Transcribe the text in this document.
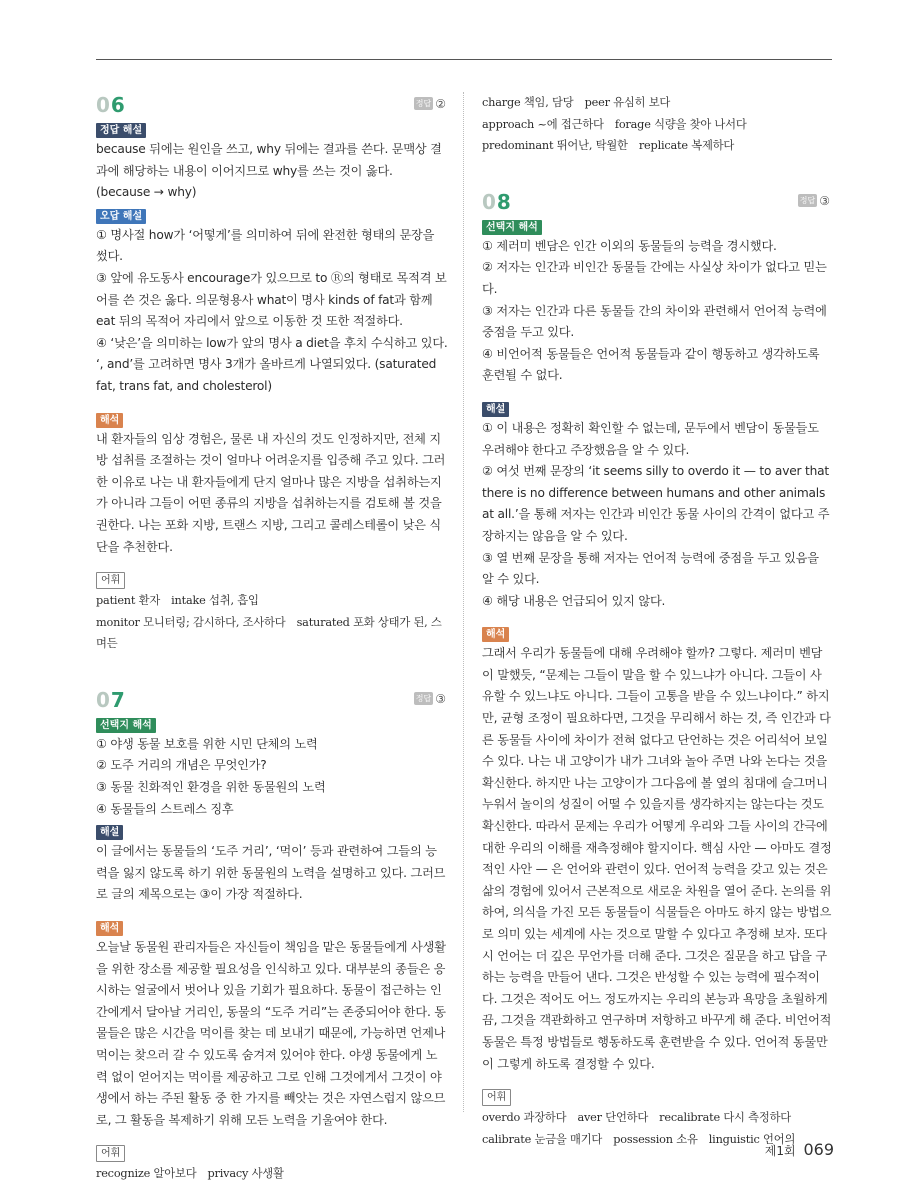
06	정답 ②
정답 해설

because 뒤에는 원인을 쓰고, why 뒤에는 결과를 쓴다. 문맥상 결과에 해당하는 내용이 이어지므로 why를 쓰는 것이 옳다. (because → why)

오답 해설

① 명사절 how가 ‘어떻게’를 의미하여 뒤에 완전한 형태의 문장을 썼다.

③ 앞에 유도동사 encourage가 있으므로 to Ⓡ의 형태로 목적격 보어를 쓴 것은 옳다. 의문형용사 what이 명사 kinds of fat과 함께 eat 뒤의 목적어 자리에서 앞으로 이동한 것 또한 적절하다.

④ ‘낮은’을 의미하는 low가 앞의 명사 a diet을 후치 수식하고 있다. ‘, and’를 고려하면 명사 3개가 올바르게 나열되었다. (saturated fat, trans fat, and cholesterol)

해석

내 환자들의 임상 경험은, 물론 내 자신의 것도 인정하지만, 전체 지방 섭취를 조절하는 것이 얼마나 어려운지를 입증해 주고 있다. 그러한 이유로 나는 내 환자들에게 단지 얼마나 많은 지방을 섭취하는지가 아니라 그들이 어떤 종류의 지방을 섭취하는지를 검토해 볼 것을 권한다. 나는 포화 지방, 트랜스 지방, 그리고 콜레스테롤이 낮은 식단을 추천한다.

어휘
patient 환자　intake 섭취, 흡입
monitor 모니터링; 감시하다, 조사하다　saturated 포화 상태가 된, 스며든
07	정답 ③
선택지 해석

① 야생 동물 보호를 위한 시민 단체의 노력

② 도주 거리의 개념은 무엇인가?

③ 동물 친화적인 환경을 위한 동물원의 노력

④ 동물들의 스트레스 징후

해설

이 글에서는 동물들의 ‘도주 거리’, ‘먹이’ 등과 관련하여 그들의 능력을 잃지 않도록 하기 위한 동물원의 노력을 설명하고 있다. 그러므로 글의 제목으로는 ③이 가장 적절하다.

해석

오늘날 동물원 관리자들은 자신들이 책임을 맡은 동물들에게 사생활을 위한 장소를 제공할 필요성을 인식하고 있다. 대부분의 종들은 응시하는 얼굴에서 벗어나 있을 기회가 필요하다. 동물이 접근하는 인간에게서 달아날 거리인, 동물의 “도주 거리”는 존중되어야 한다. 동물들은 많은 시간을 먹이를 찾는 데 보내기 때문에, 가능하면 언제나 먹이는 찾으러 갈 수 있도록 숨겨져 있어야 한다. 야생 동물에게 노력 없이 얻어지는 먹이를 제공하고 그로 인해 그것에게서 그것이 야생에서 하는 주된 활동 중 한 가지를 빼앗는 것은 자연스럽지 않으므로, 그 활동을 복제하기 위해 모든 노력을 기울여야 한다.

어휘
recognize 알아보다　privacy 사생활
charge 책임, 담당　peer 유심히 보다
approach ~에 접근하다　forage 식량을 찾아 나서다
predominant 뛰어난, 탁월한　replicate 복제하다
08	정답 ③
선택지 해석

① 제러미 벤담은 인간 이외의 동물들의 능력을 경시했다.

② 저자는 인간과 비인간 동물들 간에는 사실상 차이가 없다고 믿는다.

③ 저자는 인간과 다른 동물들 간의 차이와 관련해서 언어적 능력에 중점을 두고 있다.

④ 비언어적 동물들은 언어적 동물들과 같이 행동하고 생각하도록 훈련될 수 없다.

해설

① 이 내용은 정확히 확인할 수 없는데, 문두에서 벤담이 동물들도 우려해야 한다고 주장했음을 알 수 있다.

② 여섯 번째 문장의 ‘it seems silly to overdo it — to aver that there is no difference between humans and other animals at all.’을 통해 저자는 인간과 비인간 동물 사이의 간격이 없다고 주장하지는 않음을 알 수 있다.

③ 열 번째 문장을 통해 저자는 언어적 능력에 중점을 두고 있음을 알 수 있다.

④ 해당 내용은 언급되어 있지 않다.

해석

그래서 우리가 동물들에 대해 우려해야 할까? 그렇다. 제러미 벤담이 말했듯, “문제는 그들이 말을 할 수 있느냐가 아니다. 그들이 사유할 수 있느냐도 아니다. 그들이 고통을 받을 수 있느냐이다.” 하지만, 균형 조정이 필요하다면, 그것을 무리해서 하는 것, 즉 인간과 다른 동물들 사이에 차이가 전혀 없다고 단언하는 것은 어리석어 보일 수 있다. 나는 내 고양이가 내가 그녀와 놀아 주면 나와 논다는 것을 확신한다. 하지만 나는 고양이가 그다음에 볼 옆의 침대에 슬그머니 누워서 놀이의 성질이 어떨 수 있을지를 생각하지는 않는다는 것도 확신한다. 따라서 문제는 우리가 어떻게 우리와 그들 사이의 간극에 대한 우리의 이해를 재측정해야 할지이다. 핵심 사안 — 아마도 결정적인 사안 — 은 언어와 관련이 있다. 언어적 능력을 갖고 있는 것은 삶의 경험에 있어서 근본적으로 새로운 차원을 열어 준다. 논의를 위하여, 의식을 가진 모든 동물들이 식물들은 아마도 하지 않는 방법으로 의미 있는 세계에 사는 것으로 말할 수 있다고 추정해 보자. 또다시 언어는 더 깊은 무언가를 더해 준다. 그것은 질문을 하고 답을 구하는 능력을 만들어 낸다. 그것은 반성할 수 있는 능력에 필수적이다. 그것은 적어도 어느 정도까지는 우리의 본능과 욕망을 초월하게 끔, 그것을 객관화하고 연구하며 저항하고 바꾸게 해 준다. 비언어적 동물은 특정 방법들로 행동하도록 훈련받을 수 있다. 언어적 동물만이 그렇게 하도록 결정할 수 있다.

어휘
overdo 과장하다　aver 단언하다　recalibrate 다시 측정하다
calibrate 눈금을 매기다　possession 소유　linguistic 언어의
제1회 069
